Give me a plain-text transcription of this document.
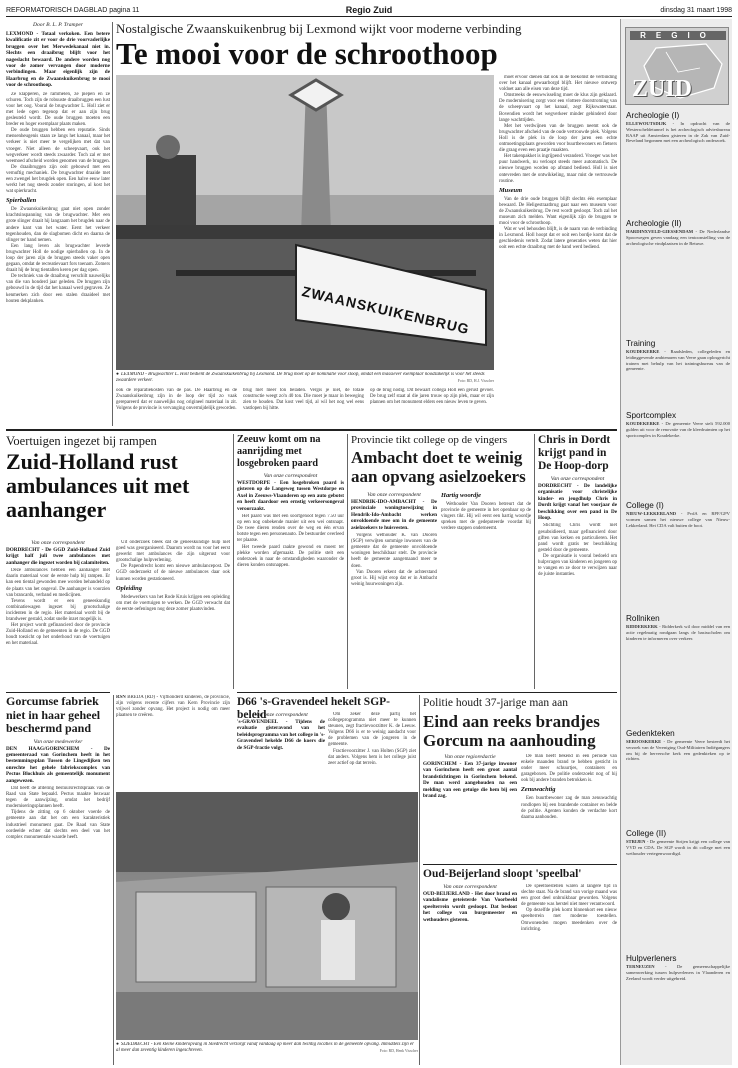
REFORMATORISCH DAGBLAD pagina 11	Regio Zuid	dinsdag 31 maart 1998
Door B. L. P. Tramper
LEXMOND - Totaal verkoken. Een betere kwalificatie zit er voor de drie voorvaderlijke bruggen over het Merwedekanaal niet in. Slechts een draaibrug blijft voor het nageslacht bewaard. De andere worden nog voor de zomer vervangen door moderne verbindingen. Maar eigenlijk zijn de Haarbrug en de Zwaanskuikenbrug te mooi voor de schroothoop.

Ze klapperen, ze rammelen, ze piepen en ze schuren. Toch zijn de robuuste draaibruggen een lust voor het oog. Vooral de brugwachter L. Holl ziet er met lede ogen tegenop dat er aan zijn brug gesleuteld wordt. De oude bruggen moeten een breder en hoger exemplaar plaats maken.

De oude bruggen hebben een reputatie. Sinds mensenheugenis staan ze langs het kanaal, maar het verkeer is niet meer te vergelijken met dat van vroeger. Niet alleen de scheepvaart, ook het wegverkeer wordt steeds zwaarder. Toch zal er met weemoed afscheid worden genomen van de bruggen.

De draaibruggen zijn ooit gebouwd met een vernuftig mechaniek. De brugwachter draaide met een zwengel het brugdek open. Een halve eeuw later werkt het nog steeds zonder storingen, al kost het wat spierkracht.

Spierballen

De Zwaanskuikenbrug gaat niet open zonder krachtsinspanning van de brugwachter. Met een grote slinger draait hij langzaam het brugdek naar de andere kant van het water. Eerst het verkeer tegenhouden, dan de slagbomen dicht en daarna de slinger ter hand nemen.

Een lang leven als brugwachter leverde brugwachter Holl de nodige spierballen op. In de loop der jaren zijn de bruggen steeds vaker open gegaan, omdat de recreatievaart fors toenam. Zomers draait hij de brug tientallen keren per dag open.

De techniek van de draaibrug verschilt nauwelijks van die van honderd jaar geleden. De bruggen zijn gebouwd in de tijd dat het kanaal werd gegraven. Ze kenmerken zich door een stalen draaideel met houten dekplanken.

Nostalgische Zwaanskuikenbrug bij Lexmond wijkt voor moderne verbinding
Te mooi voor de schroothoop
ZWAANSKUIKENBRUG

moet ervoor dienen dat ook in de toekomst de verbinding over het kanaal gewaarborgd blijft. Het nieuwe ontwerp voldoet aan alle eisen van deze tijd.

Omstreeks de eeuwwisseling moet de klus zijn geklaard. De modernisering zorgt voor een vlottere doorstroming van de scheepvaart op het kanaal, zegt Rijkswaterstaat. Bovendien wordt het wegverkeer minder gehinderd door lange wachttijden.

Met het verdwijnen van de bruggen neemt ook de brugwachter afscheid van de oude vertrouwde plek. Volgens Holl is de plek in de loop der jaren een echte ontmoetingsplaats geworden voor buurtbewoners en fietsers die graag even een praatje maakten.

Het takenpakket is ingrijpend veranderd. Vroeger was het puur handwerk, nu verloopt steeds meer automatisch. De nieuwe bruggen worden op afstand bediend. Holl is niet ontevreden met de ontwikkeling, maar mist de vertrouwde routine.

Museum

Van de drie oude bruggen blijft slechts één exemplaar bewaard. De Heligestraatbrug gaat naar een museum voor de Zwaanskuikenbrug. De rest wordt gesloopt. Toch zal het museum zich melden. Want eigenlijk zijn de bruggen te mooi voor de schroothoop.

Wat er wel behouden blijft, is de naam van de verbinding in Lexmond. Holl hoopt dat er ooit een bordje komt dat de geschiedenis vertelt. Zodat latere generaties weten dat hier ooit een echte draaibrug met de hand werd bediend.

● LEXMOND - Brugwachter L. Holl bedient de Zwaanskuikenbrug bij Lexmond. De brug moet op de nominatie voor sloop, omdat een massiever exemplaar noodzakelijk is voor het steeds zwaardere verkeer.	Foto: RD, H.J. Visscher
ook de reparatiekosten van de pas. De Haarbrug en de Zwaanskuikenbrug zijn in de loop der tijd zo vaak gerepareerd dat er nauwelijks nog origineel materiaal in zit. Volgens de provincie is vervanging onvermijdelijk geworden.
brug met meer ton beladen. Vergis je niet, de totale constructie weegt zo'n 40 ton. Die moet je maar in beweging zien te houden. Dat kost veel tijd, al wil het nog wel eens vastlopen bij hitte.
op de brug nodig. Dit bewaart collega Holl een gerust gevoel. De brug zelf staat al die jaren trouw op zijn plek, maar er zijn plannen om het monument elders een nieuw leven te geven.
Voertuigen ingezet bij rampen
Zuid-Holland rust ambulances uit met aanhanger
Van onze correspondent
DORDRECHT - De GGD Zuid-Holland Zuid krijgt half juli twee ambulances met aanhanger die ingezet worden bij calamiteiten.

Deze ambulances hebben een aanhanger met daarin materiaal voor de eerste hulp bij rampen. Er kan een tiental gewonden mee worden behandeld op de plaats van het ongeval. De aanhanger is voorzien van brancards, verband en medicijnen.

Tevens wordt er een geneeskundig combinatiewagen ingezet bij grootschalige incidenten in de regio. Het materiaal wordt bij de brandweer gestald, zodat snelle inzet mogelijk is.

Het project wordt gefinancierd door de provincie Zuid-Holland en de gemeenten in de regio. De GGD houdt toezicht op het onderhoud van de voertuigen en het materiaal.

Uit onderzoek bleek dat de geneeskundige hulp niet goed was georganiseerd. Daarom wordt nu voor het eerst gewerkt met ambulances die zijn uitgerust voor grootschalige hulpverlening.

De Papendrecht komt een nieuwe ambulancepost. De GGD onderzoekt of de nieuwe ambulances daar ook kunnen worden gestationeerd.

Opleiding

Medewerkers van het Rode Kruis krijgen een opleiding om met de voertuigen te werken. De GGD verwacht dat de eerste oefeningen nog deze zomer plaatsvinden.

Zeeuw komt om na aanrijding met losgebroken paard
Van onze correspondent
WESTDORPE - Een losgebroken paard is gisteren op de Langeweg tussen Westdorpe en Axel in Zeeuws-Vlaanderen op een auto gebotst en heeft daardoor een ernstig verkeersongeval veroorzaakt.

Het paard was met een soortgenoot tegen 7.50 uur op een nog onbekende manier uit een wei ontsnapt. De twee dieren renden over de weg en één ervan botste tegen een personenauto. De bestuurder overleed ter plaatse.

Het tweede paard raakte gewond en moest ter plekke worden afgemaakt. De politie stelt een onderzoek in naar de omstandigheden waaronder de dieren konden ontsnappen.

Provincie tikt college op de vingers
Ambacht doet te weinig aan opvang asielzoekers
Van onze correspondent
HENDRIK-IDO-AMBACHT - De provinciale woningtoewijzing in Hendrik-Ido-Ambacht werken onvoldoende mee om in de gemeente asielzoekers te huisvesten.

Volgens wethouder K. van Dooren (SGP) verwijten sommige inwoners van de gemeente dat de gemeente onvoldoende woningen beschikbaar stelt. De provincie heeft de gemeente aangemaand meer te doen.

Van Dooren erkent dat de achterstand groot is. Hij wijst erop dat er in Ambacht weinig huurwoningen zijn.

Hartig woordje

Wethouder Van Dooren betreurt dat de provincie de gemeente in het openbaar op de vingers tikt. Hij wil eerst een hartig woordje spreken met de gedeputeerde voordat hij verdere stappen onderneemt.

Chris in Dordt krijgt pand in De Hoop-dorp
Van onze correspondent
DORDRECHT - De landelijke organisatie voor christelijke kinder- en jeugdhulp Chris in Dordt krijgt vanaf het voorjaar de beschikking over een pand in De Hoop.

Stichting Chris wordt niet gesubsidieerd, maar gefinancierd door giften van kerken en particulieren. Het pand wordt gratis ter beschikking gesteld door de gemeente.

De organisatie is vooral bedoeld om hulpvragen van kinderen en jongeren op te vangen en ze door te verwijzen naar de juiste instanties.

Gorcumse fabriek niet in haar geheel beschermd pand
Van onze medewerker
DEN HAAG/GORINCHEM - De gemeenteraad van Gorinchem heeft in het bestemmingsplan Tussen de Lingedijken ten onrechte het gehele fabriekscomplex van Pectus Blockhuis als gemeentelijk monument aangewezen.

Dat heeft de afdeling bestuursrechtspraak van de Raad van State bepaald. Pectus maakte bezwaar tegen de aanwijzing, omdat het bedrijf moderniseringsplannen heeft.

Tijdens de zitting op 6 oktober voerde de gemeente aan dat het om een karakteristiek industrieel monument gaat. De Raad van State oordeelde echter dat slechts een deel van het complex monumentale waarde heeft.

RSN BREDA (RD) - Vijfhonderd kinderen, de provincie, zijn volgens recente cijfers van Kern Provincie zijn vrijwel zonder opvang. Het project is nodig om meer plaatsen te creëren.
D66 's-Gravendeel hekelt SGP-beleid
Van onze correspondent
's-GRAVENDEEL - Tijdens de evaluatie gisteravond van het beleidsprogramma van het college in 's-Gravendeel hekelde D66 de koers die de SGP-fractie volgt.

Om zeker deze partij het collegeprogramma niet meer te kunnen steunen, zegt fractievoorzitter K. de Leeuw. Volgens D66 is er te weinig aandacht voor de problemen van de jongeren in de gemeente.

Fractievoorzitter J. van Holten (SGP) ziet dat anders. Volgens hem is het college juist zeer actief op dat terrein.

● SLIEDRECHT - Een kleine kinderopvang in Sliedrecht verzorgt vanaf vandaag op meer dan twintig locaties in de gemeente opvang. Inmiddels zijn er al meer dan zeventig kinderen ingeschreven.	Foto: RD, Henk Visscher
Politie houdt 37-jarige man aan
Eind aan reeks brandjes Gorcum na aanhouding
Van onze regioredactie
GORINCHEM - Een 37-jarige inwoner van Gorinchem heeft een groot aantal brandstichtingen in Gorinchem bekend. De man werd aangehouden na een melding van een getuige die hem bij een brand zag.

De man heeft bekend in een periode van enkele maanden brand te hebben gesticht in onder meer schuurtjes, containers en garageboxen. De politie onderzoekt nog of hij ook bij andere branden betrokken is.

Zenuwachtig

Een buurtbewoner zag de man zenuwachtig rondlopen bij een brandende container en belde de politie. Agenten konden de verdachte kort daarna aanhouden.

Oud-Beijerland sloopt 'speelbal'
Van onze correspondent
OUD-BEIJERLAND - Het door brand en vandalisme geteisterde Van Voorbeeld speelterrein wordt gesloopt. Dat besloot het college van burgemeester en wethouders gisteren.

De speeltoestellen waren al langere tijd in slechte staat. Na de brand van vorige maand was een groot deel onbruikbaar geworden. Volgens de gemeente was herstel niet meer verantwoord.

Op dezelfde plek komt binnenkort een nieuw speelterrein met moderne toestellen. Omwonenden mogen meedenken over de inrichting.

REGIO
ZUID
Archeologie (I)
ELLEWOUTSDIJK - In opdracht van de Westerscheldetunnel is het archeologisch adviesbureau RAAP uit Amsterdam gisteren in de Zak van Zuid-Beveland begonnen met een archeologisch onderzoek.
Archeologie (II)
HARDINXVELD-GIESSENDAM - De Nederlandse Spoorwegen geven vandaag een tentoonstelling van de archeologische vindplaatsen in de Betuwe.
Training
KOUDEKERKE - Raadsleden, collegeleden en leidinggevende ambtenaren van Veere gaan oplosgericht trainen met behulp van het trainingsbureau van de gemeente.
Sportcomplex
KOUDEKERKE - De gemeente Veere stelt 592.000 gulden uit voor de renovatie van de kleedruimten op het sportcomplex in Koudekerke.
College (I)
NIEUW-LEKKERLAND - PvdA en RPF/GPV vormen samen het nieuwe college van Nieuw-Lekkerland. Het CDA valt buiten de boot.
Rollniken
RIDDERKERK - Ridderkerk wil door middel van een actie regelmatig rondgaan langs de basisscholen om kinderen te informeren over verkeer.
Gedenkteken
SEROOSKERKE - De gemeente Veere besteedt het verzoek van de Vereniging Oud-Militairen Indiëgangers om bij de herversche kerk een gedenkteken op te richten.
College (II)
STRIJEN - De gemeente Strijen krijgt een college van VVD en CDA. De SGP wordt in dit college met een wethouder vertegenwoordigd.
Hulpverleners
TERNEUZEN - De gemeenschappelijke samenwerking tussen hulpverleners in Vlaanderen en Zeeland wordt verder uitgebreid.
